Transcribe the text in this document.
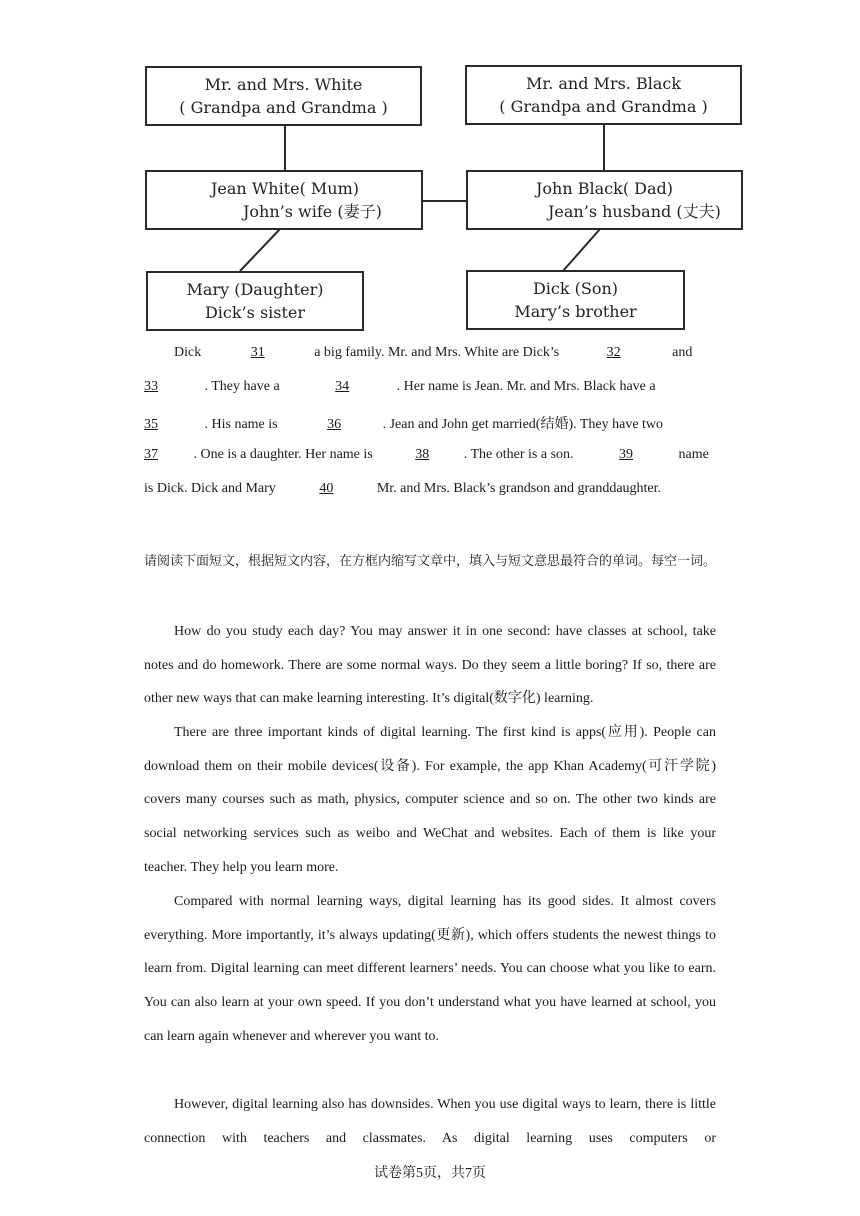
Mr. and Mrs. White
( Grandpa and Grandma )
Mr. and Mrs. Black
( Grandpa and Grandma )
Jean White( Mum)
John’s wife (妻子)
John Black( Dad)
Jean’s husband (丈夫)
Mary (Daughter)
Dick’s sister
Dick (Son)
Mary’s brother
Dick	31	a big family. Mr. and Mrs. White are Dick’s	32	and
33	. They have a	34	. Her name is Jean. Mr. and Mrs. Black have a
35	. His name is	36	. Jean and John get married(结婚). They have two
37	. One is a daughter. Her name is	38 . The other is a son.	39	name
is Dick. Dick and Mary	40	Mr. and Mrs. Black’s grandson and granddaughter.
请阅读下面短文，根据短文内容，在方框内缩写文章中，填入与短文意思最符合的单词。每空一词。
How do you study each day? You may answer it in one second: have classes at school, take notes and do homework. There are some normal ways. Do they seem a little boring? If so, there are other new ways that can make learning interesting. It’s digital(数字化) learning.
There are three important kinds of digital learning. The first kind is apps(应用). People can download them on their mobile devices(设备). For example, the app Khan Academy(可汗学院) covers many courses such as math, physics, computer science and so on. The other two kinds are social networking services such as weibo and WeChat and websites. Each of them is like your teacher. They help you learn more.
Compared with normal learning ways, digital learning has its good sides. It almost covers everything. More importantly, it’s always updating(更新), which offers students the newest things to learn from. Digital learning can meet different learners’ needs. You can choose what you like to earn. You can also learn at your own speed. If you don’t understand what you have learned at school, you can learn again whenever and wherever you want to.
However, digital learning also has downsides. When you use digital ways to learn, there is little connection with teachers and classmates. As digital learning uses computers or
试卷第5页，共7页
